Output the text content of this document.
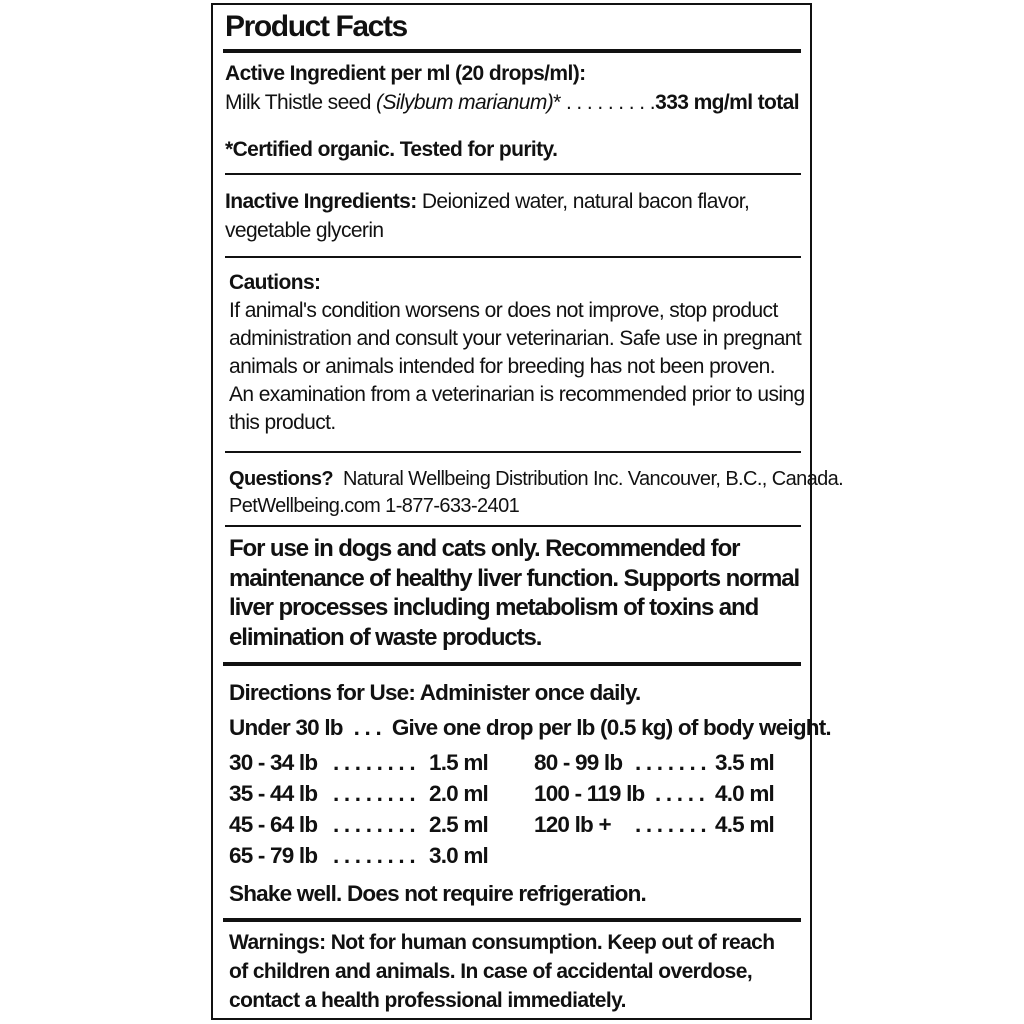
Product Facts
Active Ingredient per ml (20 drops/ml):
Milk Thistle seed (Silybum marianum)* . . . . . . . . . 333 mg/ml total
*Certified organic. Tested for purity.
Inactive Ingredients: Deionized water, natural bacon flavor,
vegetable glycerin
Cautions:
If animal's condition worsens or does not improve, stop product
administration and consult your veterinarian. Safe use in pregnant
animals or animals intended for breeding has not been proven.
An examination from a veterinarian is recommended prior to using
this product.
Questions? Natural Wellbeing Distribution Inc. Vancouver, B.C., Canada.
PetWellbeing.com 1-877-633-2401
For use in dogs and cats only. Recommended for
maintenance of healthy liver function. Supports normal
liver processes including metabolism of toxins and
elimination of waste products.
Directions for Use: Administer once daily.
Under 30 lb . . . Give one drop per lb (0.5 kg) of body weight.
30 - 34 lb . . . . . . . . 1.5 ml
35 - 44 lb . . . . . . . . 2.0 ml
45 - 64 lb . . . . . . . . 2.5 ml
65 - 79 lb . . . . . . . . 3.0 ml
80 - 99 lb . . . . . . . 3.5 ml
100 - 119 lb . . . . . 4.0 ml
120 lb + . . . . . . . 4.5 ml
Shake well. Does not require refrigeration.
Warnings: Not for human consumption. Keep out of reach
of children and animals. In case of accidental overdose,
contact a health professional immediately.
